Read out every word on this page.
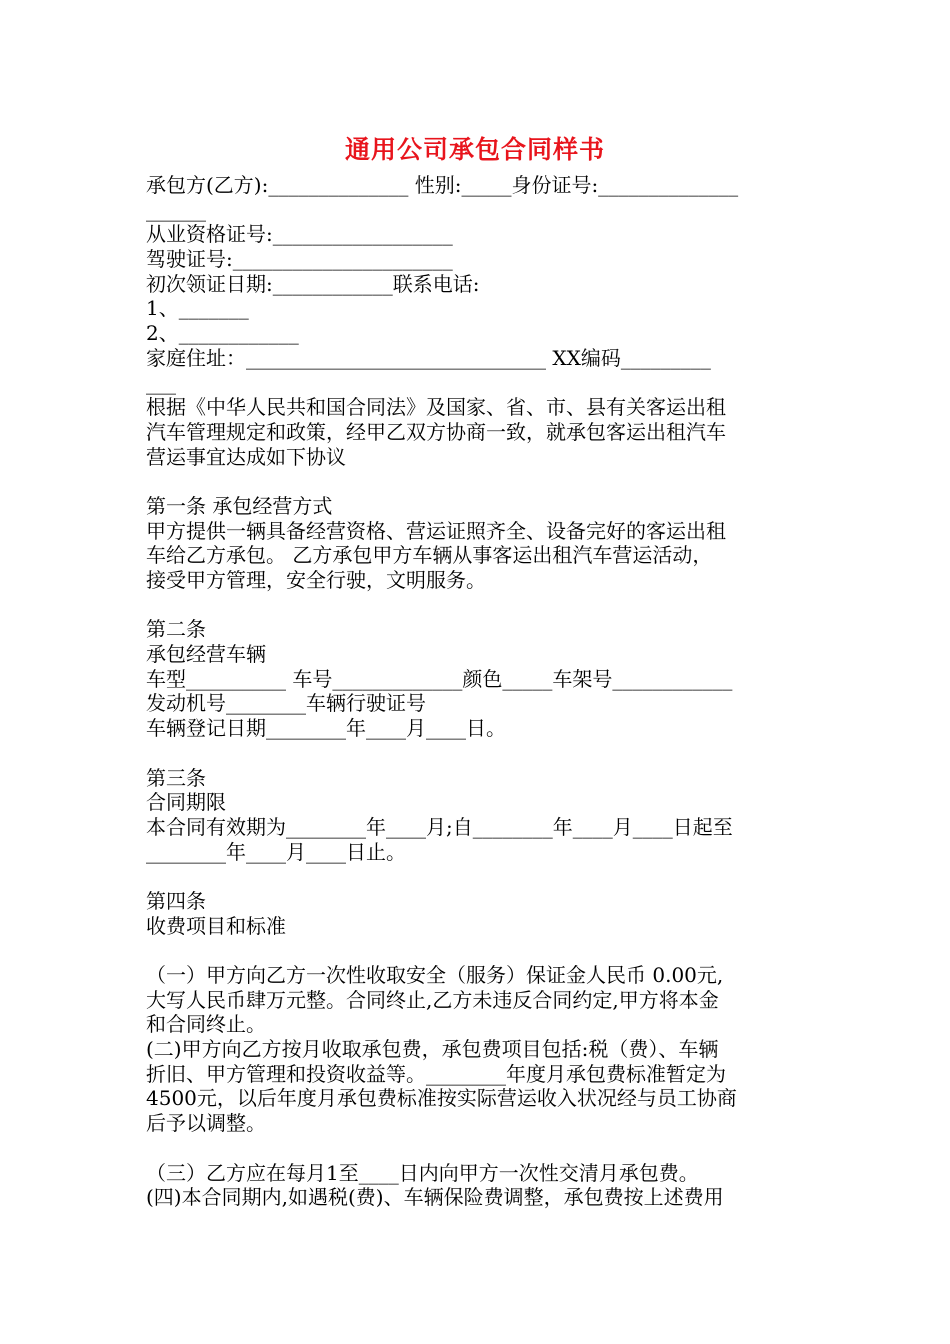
通用公司承包合同样书
承包方(乙方):______________ 性别:_____身份证号:______________
______
从业资格证号:__________________
驾驶证号:______________________
初次领证日期:____________联系电话:
1、_______
2、____________
家庭住址：______________________________ XX编码_________
___
根据《中华人民共和国合同法》及国家、省、市、县有关客运出租
汽车管理规定和政策，经甲乙双方协商一致，就承包客运出租汽车
营运事宜达成如下协议
第一条 承包经营方式
甲方提供一辆具备经营资格、营运证照齐全、设备完好的客运出租
车给乙方承包。 乙方承包甲方车辆从事客运出租汽车营运活动，
接受甲方管理，安全行驶，文明服务。
第二条
承包经营车辆
车型__________ 车号_____________颜色_____车架号____________
发动机号________车辆行驶证号
车辆登记日期________年____月____日。
第三条
合同期限
本合同有效期为________年____月;自________年____月____日起至
________年____月____日止。
第四条
收费项目和标准
（一）甲方向乙方一次性收取安全（服务）保证金人民币 0.00元,
大写人民币肆万元整。合同终止,乙方未违反合同约定,甲方将本金
和合同终止。
(二)甲方向乙方按月收取承包费，承包费项目包括:税（费）、车辆
折旧、甲方管理和投资收益等。________年度月承包费标准暂定为
4500元，以后年度月承包费标准按实际营运收入状况经与员工协商
后予以调整。
（三）乙方应在每月1至____日内向甲方一次性交清月承包费。
(四)本合同期内,如遇税(费)、车辆保险费调整，承包费按上述费用
